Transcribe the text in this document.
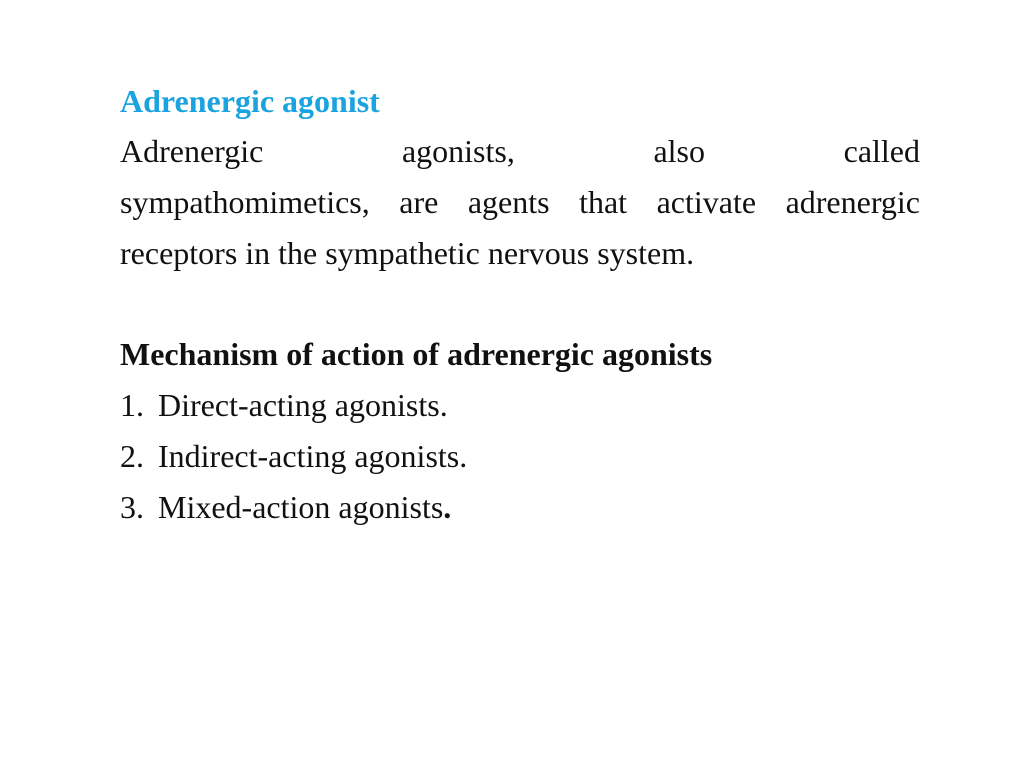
Adrenergic agonist

Adrenergic agonists, also called
sympathomimetics, are agents that activate adrenergic receptors in the sympathetic nervous system.

Mechanism of action of adrenergic agonists
1. Direct-acting agonists.
2. Indirect-acting agonists.
3. Mixed-action agonists .
